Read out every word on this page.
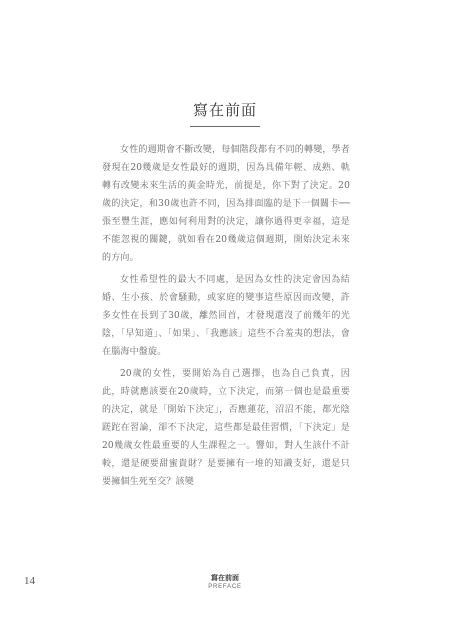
寫在前面

女性的週期會不斷改變，每個階段都有不同的轉變，學者發現在20幾歲是女性最好的週期，因為具備年輕、成熟、軌轉有改變未來生活的黃金時光，前提是，你下對了決定。20歲的決定，和30歲也許不同，因為排面臨的是下一個關卡──張至豐生涯，應如何利用對的決定，讓你過得更幸福，這是不能忽視的關鍵，就如看在20幾歲這個週期，開始決定未來的方向。

女性希望性的最大不同處，是因為女性的決定會因為結婚、生小孩、於會騷動，或家庭的變事這些原因而改變，許多女性在長到了30歲，離然回首，才發現還沒了前幾年的光陰，「早知道」、「如果」、「我應該」這些不合羞夷的想法，會在腦海中盤旋。

20歲的女性，要開始為自己選擇，也為自己負責，因此，時就應該要在20歲時，立下決定，而第一個也是最重要的決定，就是「開始下決定」，否應蓮花，沼沼不能，都光陰蹉跎在習論，卻不下決定，這些都是最佳習慣，「下決定」是20幾歲女性最重要的人生課程之一。響如，對人生該什不計較，還是硬要甜蜜貴財？是要擁有一堆的知識支好，還是只要擁個生死至交？該變

14	寫在前面
PREFACE
